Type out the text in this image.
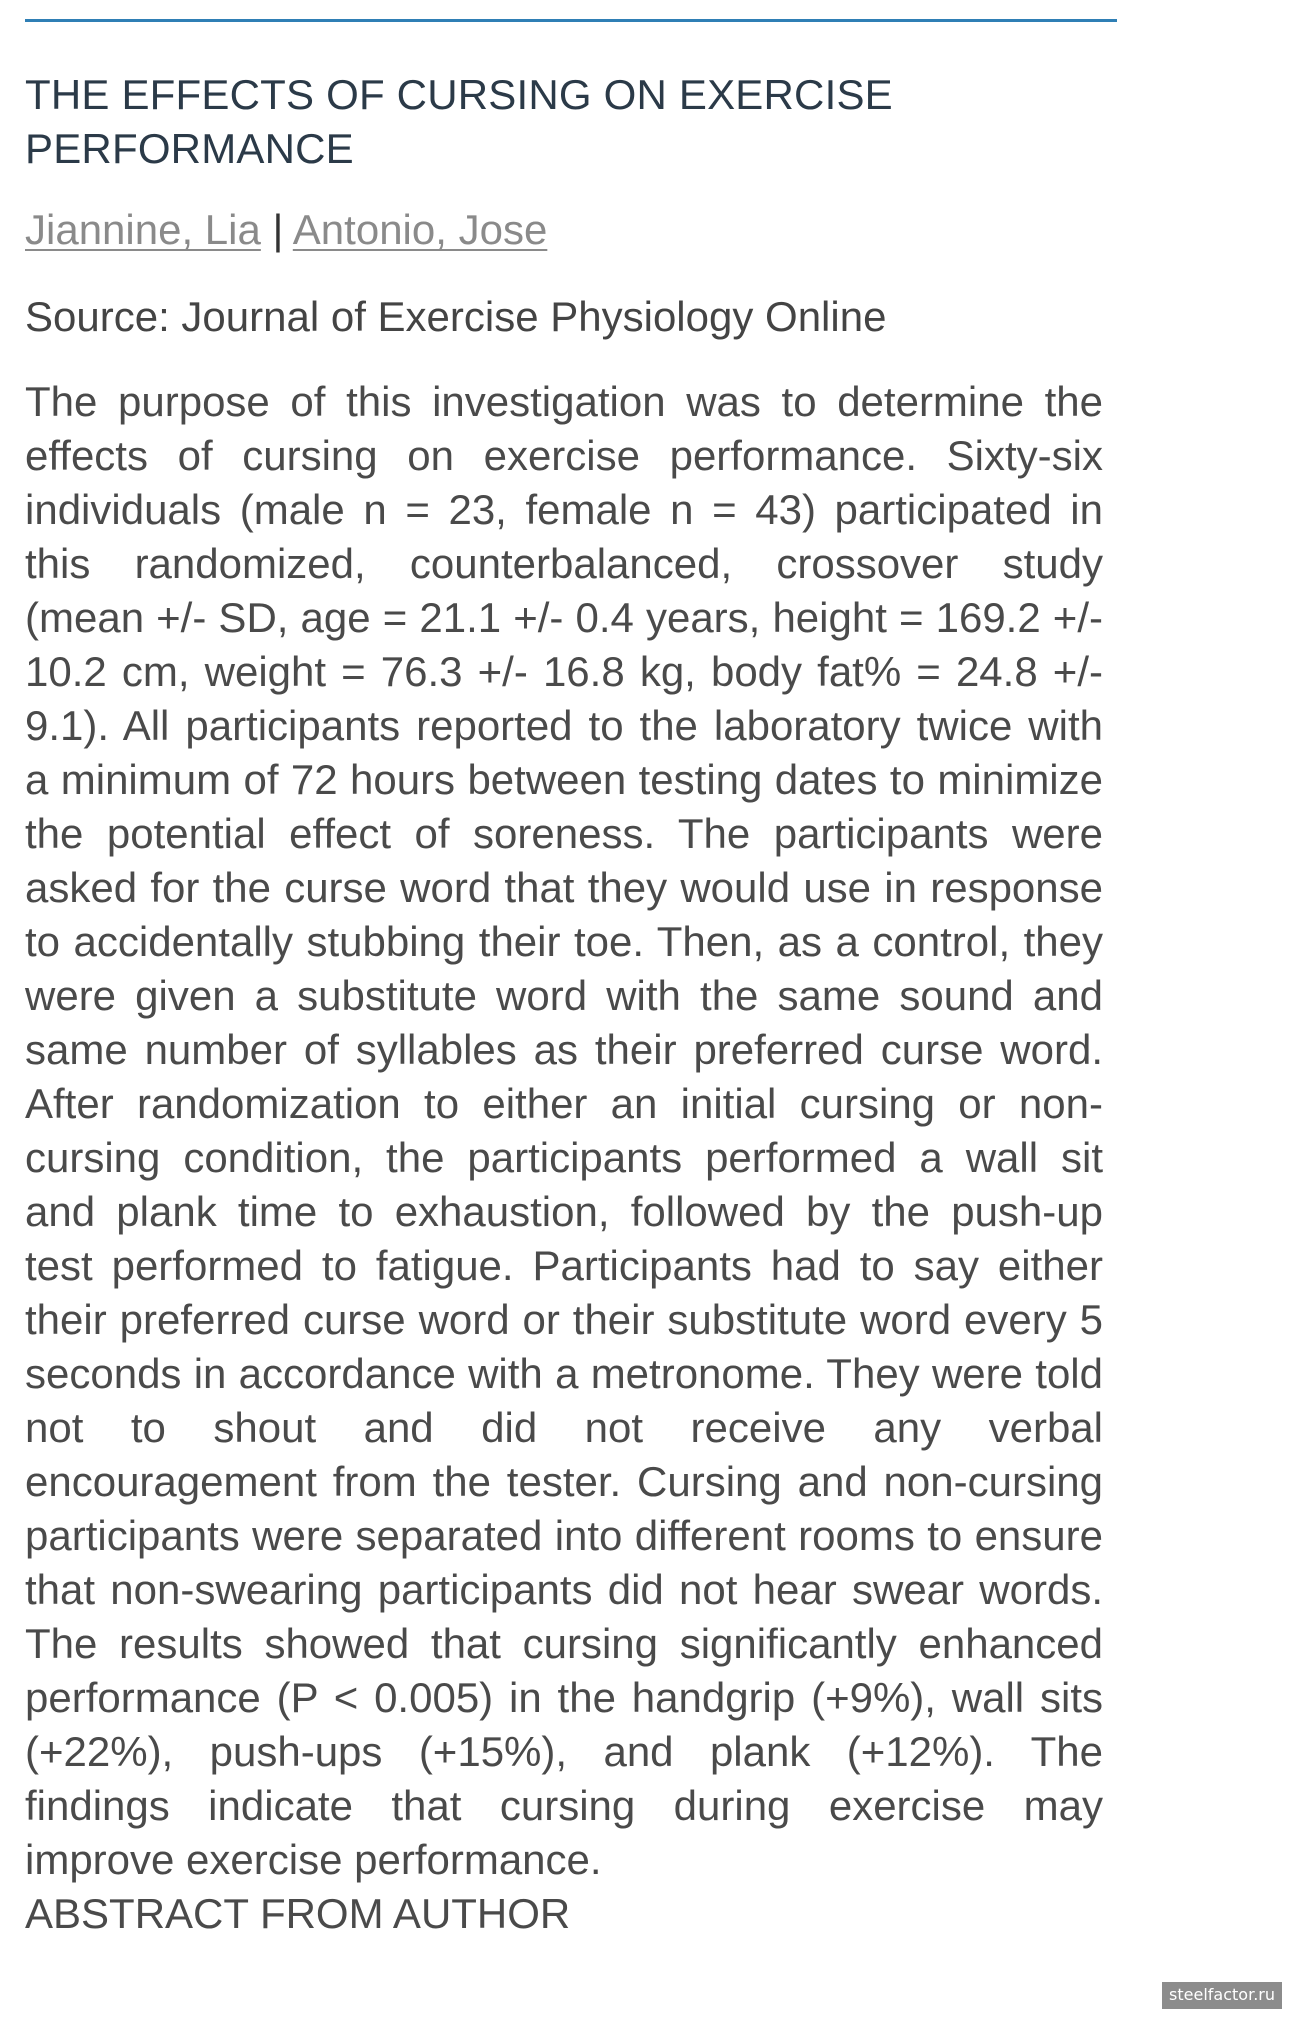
THE EFFECTS OF CURSING ON EXERCISE PERFORMANCE
Jiannine, Lia | Antonio, Jose
Source: Journal of Exercise Physiology Online
The purpose of this investigation was to determine the effects of cursing on exercise performance. Sixty-six individuals (male n = 23, female n = 43) participated in this randomized, counterbalanced, crossover study (mean +/- SD, age = 21.1 +/- 0.4 years, height = 169.2 +/- 10.2 cm, weight = 76.3 +/- 16.8 kg, body fat% = 24.8 +/- 9.1). All participants reported to the laboratory twice with a minimum of 72 hours between testing dates to minimize the potential effect of soreness. The participants were asked for the curse word that they would use in response to accidentally stubbing their toe. Then, as a control, they were given a substitute word with the same sound and same number of syllables as their preferred curse word. After randomization to either an initial cursing or non-cursing condition, the participants performed a wall sit and plank time to exhaustion, followed by the push-up test performed to fatigue. Participants had to say either their preferred curse word or their substitute word every 5 seconds in accordance with a metronome. They were told not to shout and did not receive any verbal encouragement from the tester. Cursing and non-cursing participants were separated into different rooms to ensure that non-swearing participants did not hear swear words. The results showed that cursing significantly enhanced performance (P < 0.005) in the handgrip (+9%), wall sits (+22%), push-ups (+15%), and plank (+12%). The findings indicate that cursing during exercise may improve exercise performance.
ABSTRACT FROM AUTHOR
steelfactor.ru
